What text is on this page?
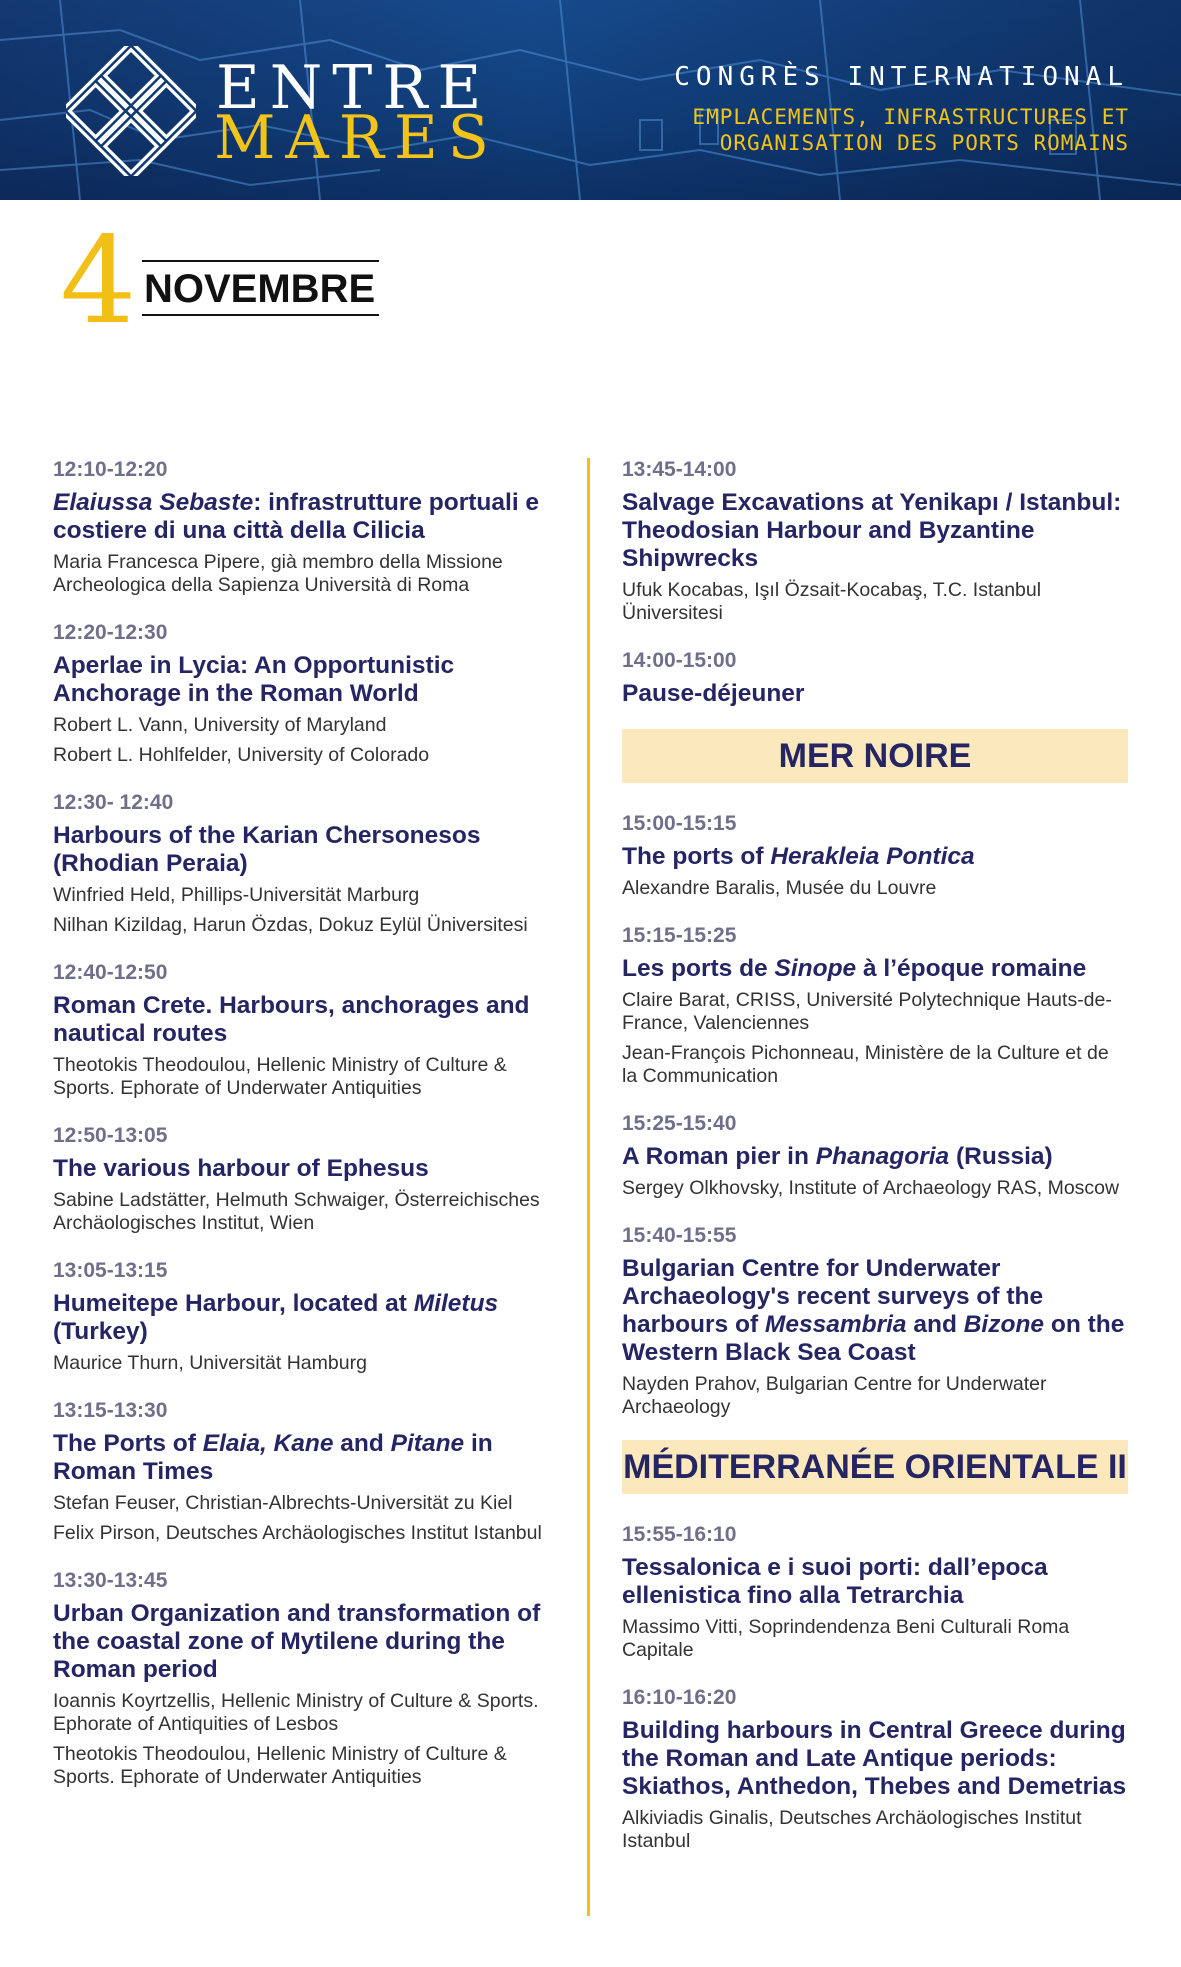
ENTRE
MARES
CONGRÈS INTERNATIONAL
EMPLACEMENTS, INFRASTRUCTURES ET
ORGANISATION DES PORTS ROMAINS
4 NOVEMBRE
12:10-12:20
Elaiussa Sebaste: infrastrutture portuali e costiere di una città della Cilicia
Maria Francesca Pipere, già membro della Missione Archeologica della Sapienza Università di Roma
12:20-12:30
Aperlae in Lycia: An Opportunistic Anchorage in the Roman World
Robert L. Vann, University of Maryland
Robert L. Hohlfelder, University of Colorado
12:30- 12:40
Harbours of the Karian Chersonesos (Rhodian Peraia)
Winfried Held, Phillips-Universität Marburg
Nilhan Kizildag, Harun Özdas, Dokuz Eylül Üniversitesi
12:40-12:50
Roman Crete. Harbours, anchorages and nautical routes
Theotokis Theodoulou, Hellenic Ministry of Culture & Sports. Ephorate of Underwater Antiquities
12:50-13:05
The various harbour of Ephesus
Sabine Ladstätter, Helmuth Schwaiger, Österreichisches Archäologisches Institut, Wien
13:05-13:15
Humeitepe Harbour, located at Miletus (Turkey)
Maurice Thurn, Universität Hamburg
13:15-13:30
The Ports of Elaia, Kane and Pitane in Roman Times
Stefan Feuser, Christian-Albrechts-Universität zu Kiel
Felix Pirson, Deutsches Archäologisches Institut Istanbul
13:30-13:45
Urban Organization and transformation of the coastal zone of Mytilene during the Roman period
Ioannis Koyrtzellis, Hellenic Ministry of Culture & Sports. Ephorate of Antiquities of Lesbos
Theotokis Theodoulou, Hellenic Ministry of Culture & Sports. Ephorate of Underwater Antiquities
13:45-14:00
Salvage Excavations at Yenikapı / Istanbul: Theodosian Harbour and Byzantine Shipwrecks
Ufuk Kocabas, Işıl Özsait-Kocabaş, T.C. Istanbul Üniversitesi
14:00-15:00
Pause-déjeuner
MER NOIRE
15:00-15:15
The ports of Herakleia Pontica
Alexandre Baralis, Musée du Louvre
15:15-15:25
Les ports de Sinope à l’époque romaine
Claire Barat, CRISS, Université Polytechnique Hauts-de-France, Valenciennes
Jean-François Pichonneau, Ministère de la Culture et de la Communication
15:25-15:40
A Roman pier in Phanagoria (Russia)
Sergey Olkhovsky, Institute of Archaeology RAS, Moscow
15:40-15:55
Bulgarian Centre for Underwater Archaeology's recent surveys of the harbours of Messambria and Bizone on the Western Black Sea Coast
Nayden Prahov, Bulgarian Centre for Underwater Archaeology
MÉDITERRANÉE ORIENTALE II
15:55-16:10
Tessalonica e i suoi porti: dall’epoca ellenistica fino alla Tetrarchia
Massimo Vitti, Soprindendenza Beni Culturali Roma Capitale
16:10-16:20
Building harbours in Central Greece during the Roman and Late Antique periods: Skiathos, Anthedon, Thebes and Demetrias
Alkiviadis Ginalis, Deutsches Archäologisches Institut Istanbul
